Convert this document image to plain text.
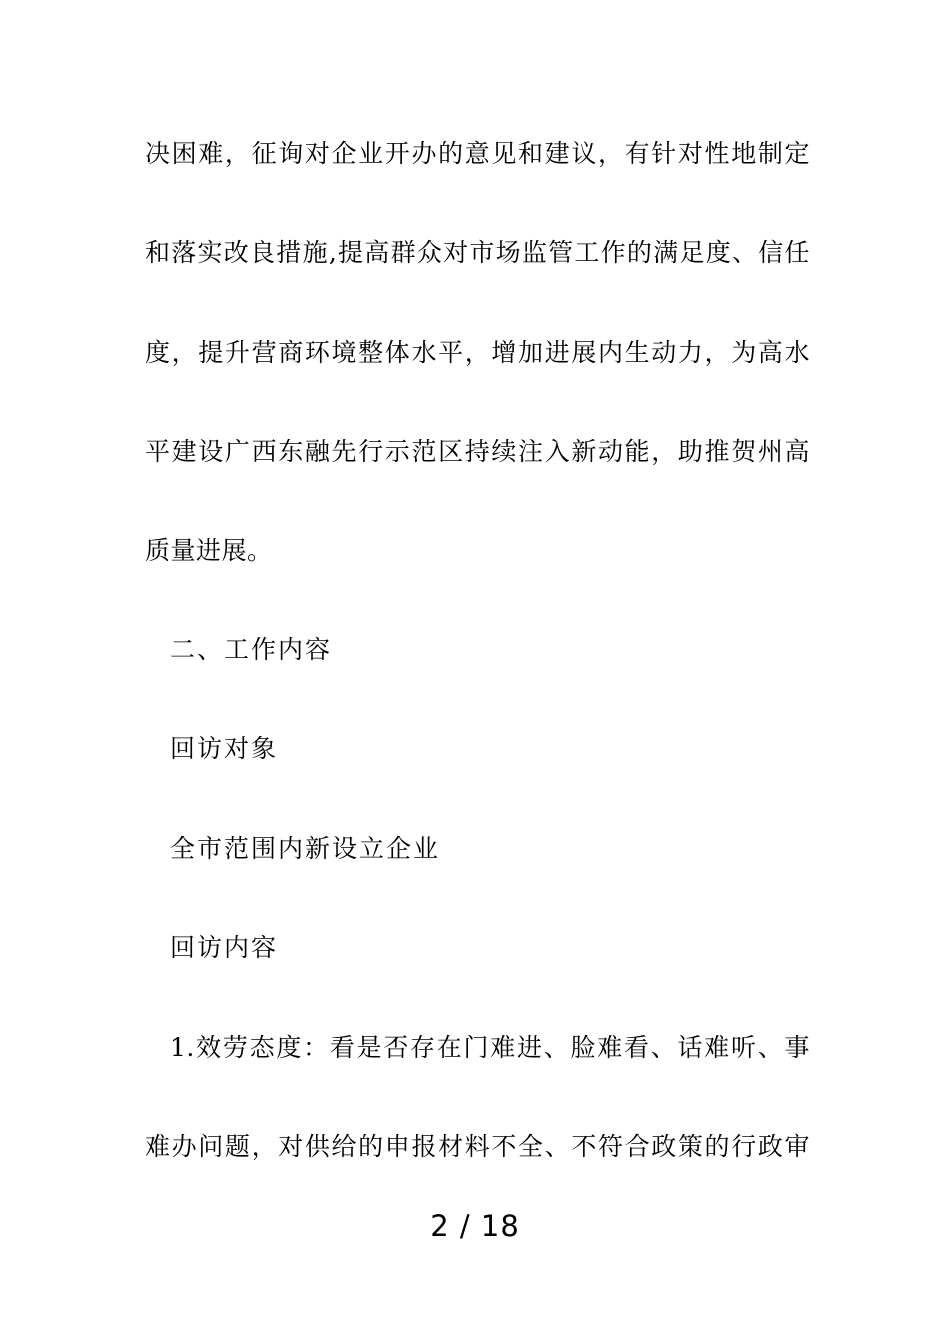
决困难，征询对企业开办的意见和建议，有针对性地制定
和落实改良措施,提高群众对市场监管工作的满足度、信任
度，提升营商环境整体水平，增加进展内生动力，为高水
平建设广西东融先行示范区持续注入新动能，助推贺州高
质量进展。
二、工作内容
回访对象
全市范围内新设立企业
回访内容
1.效劳态度：看是否存在门难进、脸难看、话难听、事
难办问题，对供给的申报材料不全、不符合政策的行政审
2 / 18
